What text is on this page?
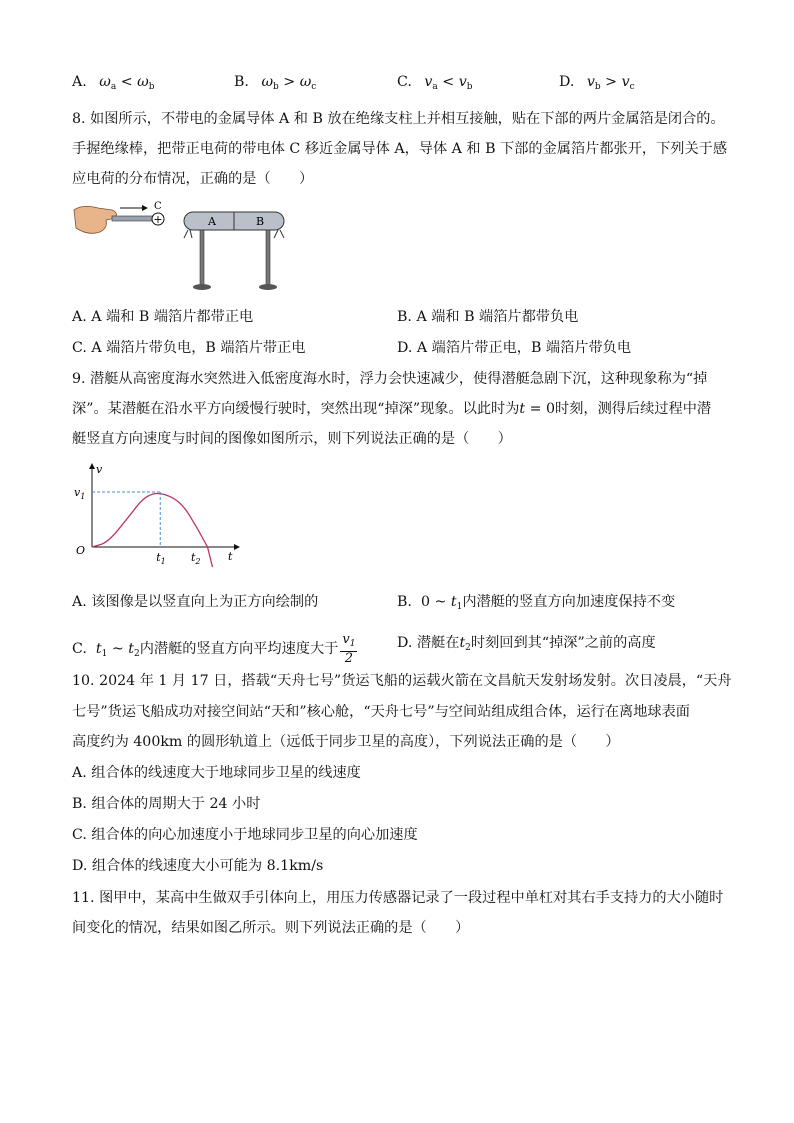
A. $\omega_a < \omega_b$	B. $\omega_b > \omega_c$	C. $v_a < v_b$	D. $v_b > v_c$
8. 如图所示，不带电的金属导体 A 和 B 放在绝缘支柱上并相互接触，贴在下部的两片金属箔是闭合的。
手握绝缘棒，把带正电荷的带电体 C 移近金属导体 A，导体 A 和 B 下部的金属箔片都张开，下列关于感
应电荷的分布情况，正确的是（　　）
+
C
A	B
A. A 端和 B 端箔片都带正电	B. A 端和 B 端箔片都带负电
C. A 端箔片带负电，B 端箔片带正电	D. A 端箔片带正电，B 端箔片带负电
9. 潜艇从高密度海水突然进入低密度海水时，浮力会快速减少，使得潜艇急剧下沉，这种现象称为“掉
深”。某潜艇在沿水平方向缓慢行驶时，突然出现“掉深”现象。以此时为t = 0时刻，测得后续过程中潜
艇竖直方向速度与时间的图像如图所示，则下列说法正确的是（　　）
v
t
O
$v_1$
$t_1$ $t_2$
A. 该图像是以竖直向上为正方向绘制的	B.  0 ~ $t_1$内潜艇的竖直方向加速度保持不变
C. $t_1$ ~ $t_2$内潜艇的竖直方向平均速度大于 $\frac{v_1}{2}$	D. 潜艇在$t_2$时刻回到其“掉深”之前的高度
10. 2024 年 1 月 17 日，搭载“天舟七号”货运飞船的运载火箭在文昌航天发射场发射。次日凌晨，“天舟
七号”货运飞船成功对接空间站“天和”核心舱，“天舟七号”与空间站组成组合体，运行在离地球表面
高度约为 400km 的圆形轨道上（远低于同步卫星的高度），下列说法正确的是（　　）
A. 组合体的线速度大于地球同步卫星的线速度
B. 组合体的周期大于 24 小时
C. 组合体的向心加速度小于地球同步卫星的向心加速度
D. 组合体的线速度大小可能为 8.1km/s
11. 图甲中，某高中生做双手引体向上，用压力传感器记录了一段过程中单杠对其右手支持力的大小随时
间变化的情况，结果如图乙所示。则下列说法正确的是（　　）
